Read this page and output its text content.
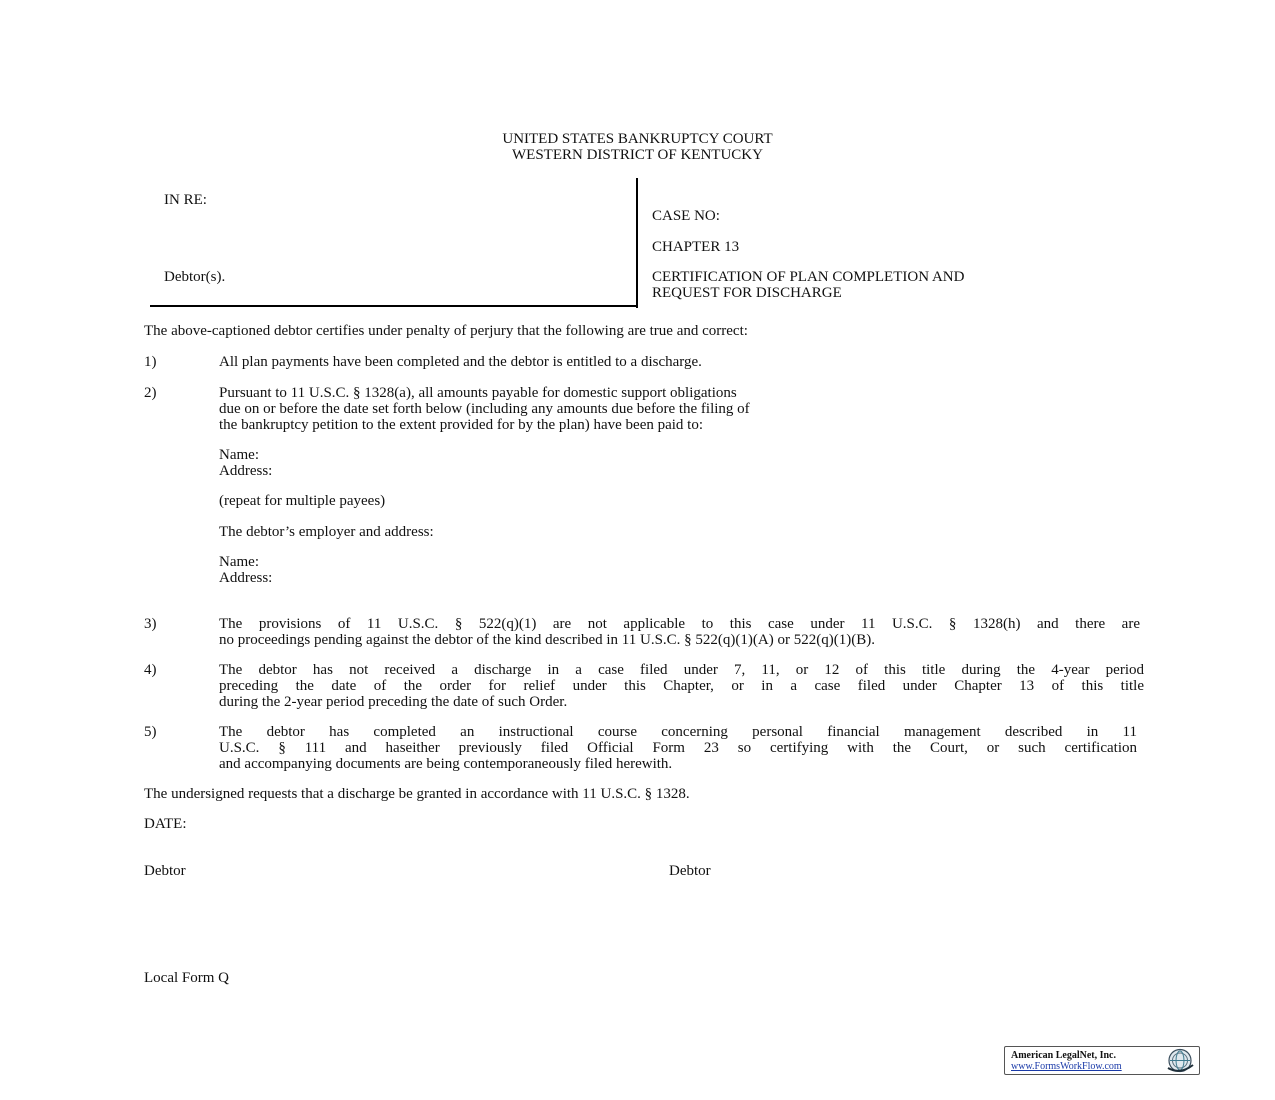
UNITED STATES BANKRUPTCY COURT
WESTERN DISTRICT OF KENTUCKY
IN RE:
Debtor(s).
CASE NO:
CHAPTER 13
CERTIFICATION OF PLAN COMPLETION AND
REQUEST FOR DISCHARGE
The above-captioned debtor certifies under penalty of perjury that the following are true and correct:
1)	All plan payments have been completed and the debtor is entitled to a discharge.
2)	Pursuant to 11 U.S.C. § 1328(a), all amounts payable for domestic support obligations
due on or before the date set forth below (including any amounts due before the filing of
the bankruptcy petition to the extent provided for by the plan) have been paid to:
Name:
Address:
(repeat for multiple payees)
The debtor’s employer and address:
Name:
Address:
3)	The provisions of 11 U.S.C. § 522(q)(1) are not applicable to this case under 11 U.S.C. § 1328(h) and there are
no proceedings pending against the debtor of the kind described in 11 U.S.C. § 522(q)(1)(A) or 522(q)(1)(B).
4)	The debtor has not received a discharge in a case filed under 7, 11, or 12 of this title during the 4-year period
preceding the date of the order for relief under this Chapter, or in a case filed under Chapter 13 of this title
during the 2-year period preceding the date of such Order.
5)	The debtor has completed an instructional course concerning personal financial management described in 11
U.S.C. § 111 and haseither previously filed Official Form 23 so certifying with the Court, or such certification
and accompanying documents are being contemporaneously filed herewith.
The undersigned requests that a discharge be granted in accordance with 11 U.S.C. § 1328.
DATE:
Debtor	Debtor
Local Form Q
American LegalNet, Inc.
www.FormsWorkFlow.com
